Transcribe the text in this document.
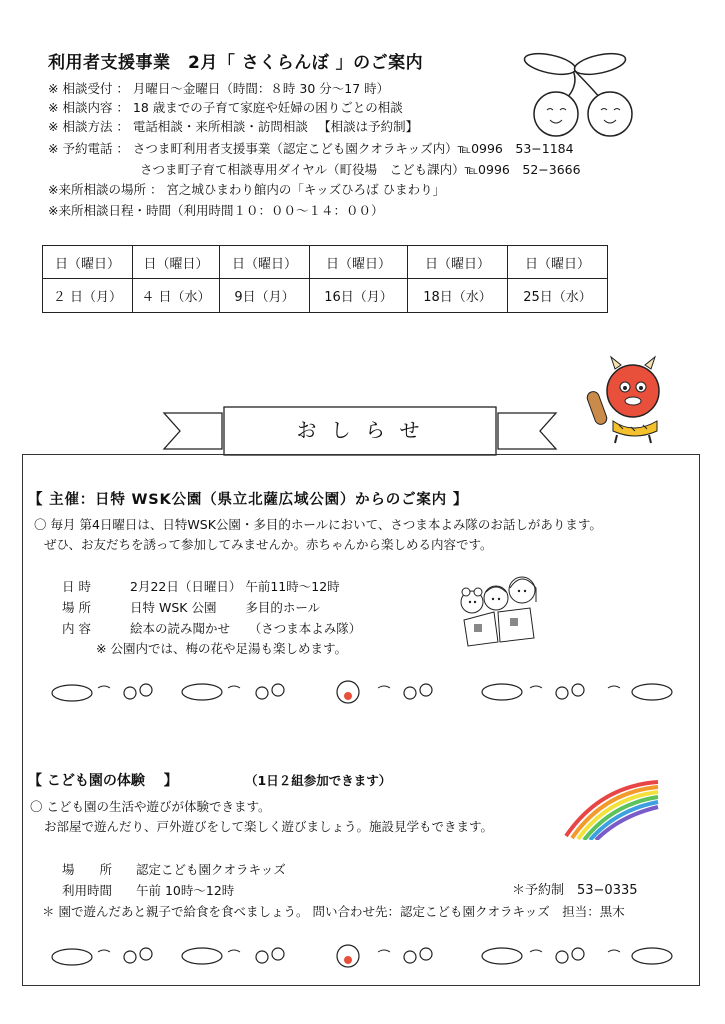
利用者支援事業　2月「 さくらんぼ 」のご案内
※ 相談受付 ： 月曜日～金曜日（時間：８時 30 分～17 時）
※ 相談内容 ： 18 歳までの子育て家庭や妊婦の困りごとの相談
※ 相談方法 ： 電話相談・来所相談・訪問相談 　【相談は予約制】
※ 予約電話 ： さつま町利用者支援事業（認定こども園クオラキッズ内）℡0996　53−1184
さつま町子育て相談専用ダイヤル（町役場　こども課内）℡0996　52−3666
※来所相談の場所 ： 宮之城ひまわり館内の「キッズひろば ひまわり」
※来所相談日程・時間（利用時間１０：００～１４：００）
日（曜日）	日（曜日）	日（曜日）	日（曜日）	日（曜日）	日（曜日）
２ 日（月）	４ 日（水）	9日（月）	16日（月）	18日（水）	25日（水）
お し ら せ
【 主催：日特 WSK公園（県立北薩広域公園）からのご案内 】
〇 毎月 第4日曜日は、日特WSK公園・多目的ホールにおいて、さつま本よみ隊のお話しがあります。
ぜひ、お友だちを誘って参加してみませんか。赤ちゃんから楽しめる内容です。
日 時	2月22日（日曜日） 午前11時～12時
場 所	日特 WSK 公園　　 多目的ホール
内 容	絵本の読み聞かせ　　（さつま本よみ隊）
※ 公園内では、梅の花や足湯も楽しめます。
【 こども園の体験 　】	（1日２組参加できます）
〇 こども園の生活や遊びが体験できます。
お部屋で遊んだり、戸外遊びをして楽しく遊びましょう。施設見学もできます。
場　　所 認定こども園クオラキッズ
利用時間 午前 10時～12時	＊予約制　53−0335
＊ 園で遊んだあと親子で給食を食べましょう。 問い合わせ先：認定こども園クオラキッズ　担当：黒木
